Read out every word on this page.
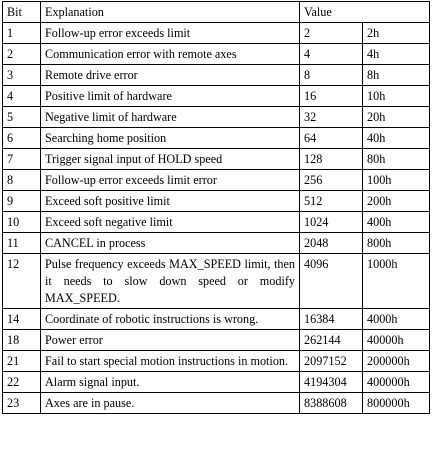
Bit	Explanation	Value	
1	Follow-up error exceeds limit	2	2h
2	Communication error with remote axes	4	4h
3	Remote drive error	8	8h
4	Positive limit of hardware	16	10h
5	Negative limit of hardware	32	20h
6	Searching home position	64	40h
7	Trigger signal input of HOLD speed	128	80h
8	Follow-up error exceeds limit error	256	100h
9	Exceed soft positive limit	512	200h
10	Exceed soft negative limit	1024	400h
11	CANCEL in process	2048	800h
12	Pulse frequency exceeds MAX_SPEED limit, then it needs to slow down speed or modify MAX_SPEED.	4096	1000h
14	Coordinate of robotic instructions is wrong.	16384	4000h
18	Power error	262144	40000h
21	Fail to start special motion instructions in motion.	2097152	200000h
22	Alarm signal input.	4194304	400000h
23	Axes are in pause.	8388608	800000h
